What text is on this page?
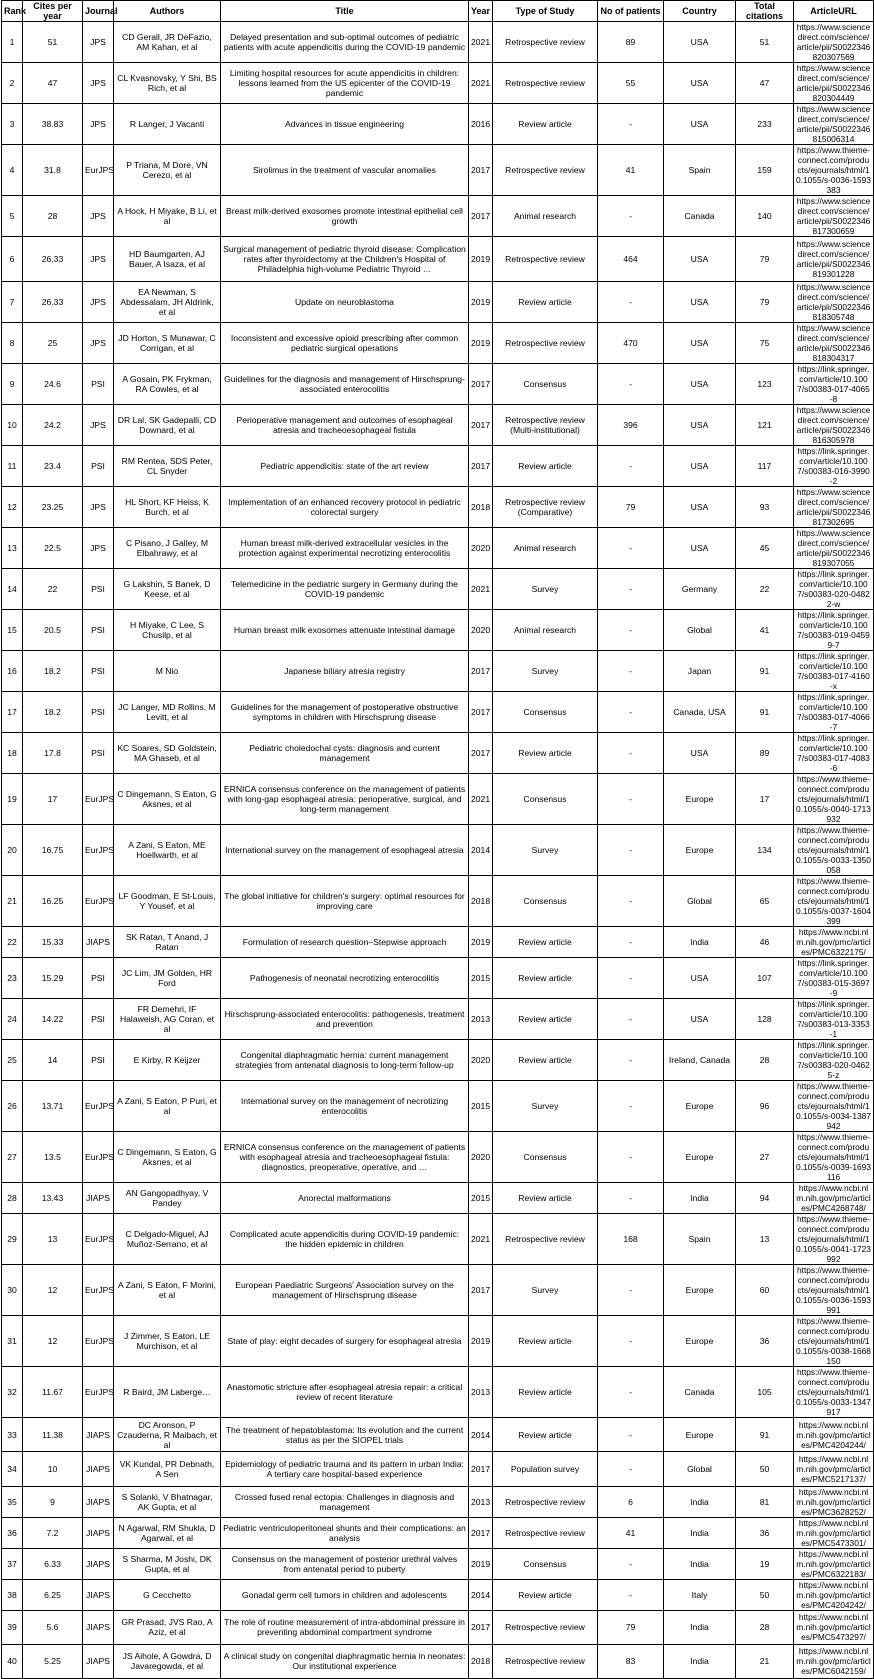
Rank	Cites per year	Journal	Authors	Title	Year	Type of Study	No of patients	Country	Total citations	ArticleURL
1	51	JPS	CD Gerall, JR DeFazio, AM Kahan, et al	Delayed presentation and sub-optimal outcomes of pediatric patients with acute appendicitis during the COVID-19 pandemic	2021	Retrospective review	89	USA	51	https://www.sciencedirect.com/science/article/pii/S0022346820307569
2	47	JPS	CL Kvasnovsky, Y Shi, BS Rich, et al	Limiting hospital resources for acute appendicitis in children: lessons learned from the US epicenter of the COVID-19 pandemic	2021	Retrospective review	55	USA	47	https://www.sciencedirect.com/science/article/pii/S0022346820304449
3	38.83	JPS	R Langer, J Vacanti	Advances in tissue engineering	2016	Review article	-	USA	233	https://www.sciencedirect.com/science/article/pii/S0022346815006314
4	31.8	EurJPS	P Triana, M Dore, VN Cerezo, et al	Sirolimus in the treatment of vascular anomalies	2017	Retrospective review	41	Spain	159	https://www.thieme-connect.com/products/ejournals/html/10.1055/s-0036-1593383
5	28	JPS	A Hock, H Miyake, B Li, et al	Breast milk-derived exosomes promote intestinal epithelial cell growth	2017	Animal research	-	Canada	140	https://www.sciencedirect.com/science/article/pii/S0022346817300659
6	26.33	JPS	HD Baumgarten, AJ Bauer, A Isaza, et al	Surgical management of pediatric thyroid disease: Complication rates after thyroidectomy at the Children's Hospital of Philadelphia high-volume Pediatric Thyroid …	2019	Retrospective review	464	USA	79	https://www.sciencedirect.com/science/article/pii/S0022346819301228
7	26.33	JPS	EA Newman, S Abdessalam, JH Aldrink, et al	Update on neuroblastoma	2019	Review article	-	USA	79	https://www.sciencedirect.com/science/article/pii/S0022346818305748
8	25	JPS	JD Horton, S Munawar, C Corrigan, et al	Inconsistent and excessive opioid prescribing after common pediatric surgical operations	2019	Retrospective review	470	USA	75	https://www.sciencedirect.com/science/article/pii/S0022346818304317
9	24.6	PSI	A Gosain, PK Frykman, RA Cowles, et al	Guidelines for the diagnosis and management of Hirschsprung-associated enterocolitis	2017	Consensus	-	USA	123	https://link.springer.com/article/10.1007/s00383-017-4065-8
10	24.2	JPS	DR Lal, SK Gadepalli, CD Downard, et al	Perioperative management and outcomes of esophageal atresia and tracheoesophageal fistula	2017	Retrospective review (Multi-institutional)	396	USA	121	https://www.sciencedirect.com/science/article/pii/S0022346816305978
11	23.4	PSI	RM Rentea, SDS Peter, CL Snyder	Pediatric appendicitis: state of the art review	2017	Review article	-	USA	117	https://link.springer.com/article/10.1007/s00383-016-3990-2
12	23.25	JPS	HL Short, KF Heiss, K Burch, et al	Implementation of an enhanced recovery protocol in pediatric colorectal surgery	2018	Retrospective review (Comparative)	79	USA	93	https://www.sciencedirect.com/science/article/pii/S0022346817302695
13	22.5	JPS	C Pisano, J Galley, M Elbahrawy, et al	Human breast milk-derived extracellular vesicles in the protection against experimental necrotizing enterocolitis	2020	Animal research	-	USA	45	https://www.sciencedirect.com/science/article/pii/S0022346819307055
14	22	PSI	G Lakshin, S Banek, D Keese, et al	Telemedicine in the pediatric surgery in Germany during the COVID-19 pandemic	2021	Survey	-	Germany	22	https://link.springer.com/article/10.1007/s00383-020-04822-w
15	20.5	PSI	H Miyake, C Lee, S Chusilp, et al	Human breast milk exosomes attenuate intestinal damage	2020	Animal research	-	Global	41	https://link.springer.com/article/10.1007/s00383-019-04599-7
16	18.2	PSI	M Nio	Japanese biliary atresia registry	2017	Survey	-	Japan	91	https://link.springer.com/article/10.1007/s00383-017-4160-x
17	18.2	PSI	JC Langer, MD Rollins, M Levitt, et al	Guidelines for the management of postoperative obstructive symptoms in children with Hirschsprung disease	2017	Consensus	-	Canada, USA	91	https://link.springer.com/article/10.1007/s00383-017-4066-7
18	17.8	PSI	KC Soares, SD Goldstein, MA Ghaseb, et al	Pediatric choledochal cysts: diagnosis and current management	2017	Review article	-	USA	89	https://link.springer.com/article/10.1007/s00383-017-4083-6
19	17	EurJPS	C Dingemann, S Eaton, G Aksnes, et al	ERNICA consensus conference on the management of patients with long-gap esophageal atresia: perioperative, surgical, and long-term management	2021	Consensus	-	Europe	17	https://www.thieme-connect.com/products/ejournals/html/10.1055/s-0040-1713932
20	16.75	EurJPS	A Zani, S Eaton, ME Hoellwarth, et al	International survey on the management of esophageal atresia	2014	Survey	-	Europe	134	https://www.thieme-connect.com/products/ejournals/html/10.1055/s-0033-1350058
21	16.25	EurJPS	LF Goodman, E St-Louis, Y Yousef, et al	The global initiative for children's surgery: optimal resources for improving care	2018	Consensus	-	Global	65	https://www.thieme-connect.com/products/ejournals/html/10.1055/s-0037-1604399
22	15.33	JIAPS	SK Ratan, T Anand, J Ratan	Formulation of research question–Stepwise approach	2019	Review article	-	India	46	https://www.ncbi.nlm.nih.gov/pmc/articles/PMC6322175/
23	15.29	PSI	JC Lim, JM Golden, HR Ford	Pathogenesis of neonatal necrotizing enterocolitis	2015	Review article	-	USA	107	https://link.springer.com/article/10.1007/s00383-015-3697-9
24	14.22	PSI	FR Demehri, IF Halaweish, AG Coran, et al	Hirschsprung-associated enterocolitis: pathogenesis, treatment and prevention	2013	Review article	-	USA	128	https://link.springer.com/article/10.1007/s00383-013-3353-1
25	14	PSI	E Kirby, R Keijzer	Congenital diaphragmatic hernia: current management strategies from antenatal diagnosis to long-term follow-up	2020	Review article	-	Ireland, Canada	28	https://link.springer.com/article/10.1007/s00383-020-04625-z
26	13.71	EurJPS	A Zani, S Eaton, P Puri, et al	International survey on the management of necrotizing enterocolitis	2015	Survey	-	Europe	96	https://www.thieme-connect.com/products/ejournals/html/10.1055/s-0034-1387942
27	13.5	EurJPS	C Dingemann, S Eaton, G Aksnes, et al	ERNICA consensus conference on the management of patients with esophageal atresia and tracheoesophageal fistula: diagnostics, preoperative, operative, and …	2020	Consensus	-	Europe	27	https://www.thieme-connect.com/products/ejournals/html/10.1055/s-0039-1693116
28	13.43	JIAPS	AN Gangopadhyay, V Pandey	Anorectal malformations	2015	Review article	-	India	94	https://www.ncbi.nlm.nih.gov/pmc/articles/PMC4268748/
29	13	EurJPS	C Delgado-Miguel, AJ Muñoz-Serrano, et al	Complicated acute appendicitis during COVID-19 pandemic: the hidden epidemic in children	2021	Retrospective review	168	Spain	13	https://www.thieme-connect.com/products/ejournals/html/10.1055/s-0041-1723992
30	12	EurJPS	A Zani, S Eaton, F Morini, et al	European Paediatric Surgeons' Association survey on the management of Hirschsprung disease	2017	Survey	-	Europe	60	https://www.thieme-connect.com/products/ejournals/html/10.1055/s-0036-1593991
31	12	EurJPS	J Zimmer, S Eaton, LE Murchison, et al	State of play: eight decades of surgery for esophageal atresia	2019	Review article	-	Europe	36	https://www.thieme-connect.com/products/ejournals/html/10.1055/s-0038-1668150
32	11.67	EurJPS	R Baird, JM Laberge…	Anastomotic stricture after esophageal atresia repair: a critical review of recent literature	2013	Review article	-	Canada	105	https://www.thieme-connect.com/products/ejournals/html/10.1055/s-0033-1347917
33	11.38	JIAPS	DC Aronson, P Czauderna, R Maibach, et al	The treatment of hepatoblastoma: Its evolution and the current status as per the SIOPEL trials	2014	Review article	-	Europe	91	https://www.ncbi.nlm.nih.gov/pmc/articles/PMC4204244/
34	10	JIAPS	VK Kundal, PR Debnath, A Sen	Epidemiology of pediatric trauma and its pattern in urban India: A tertiary care hospital-based experience	2017	Population survey	-	Global	50	https://www.ncbi.nlm.nih.gov/pmc/articles/PMC5217137/
35	9	JIAPS	S Solanki, V Bhatnagar, AK Gupta, et al	Crossed fused renal ectopia: Challenges in diagnosis and management	2013	Retrospective review	6	India	81	https://www.ncbi.nlm.nih.gov/pmc/articles/PMC3628252/
36	7.2	JIAPS	N Agarwal, RM Shukla, D Agarwal, et al	Pediatric ventriculoperitoneal shunts and their complications: an analysis	2017	Retrospective review	41	India	36	https://www.ncbi.nlm.nih.gov/pmc/articles/PMC5473301/
37	6.33	JIAPS	S Sharma, M Joshi, DK Gupta, et al	Consensus on the management of posterior urethral valves from antenatal period to puberty	2019	Consensus	-	India	19	https://www.ncbi.nlm.nih.gov/pmc/articles/PMC6322183/
38	6.25	JIAPS	G Cecchetto	Gonadal germ cell tumors in children and adolescents	2014	Review article	-	Italy	50	https://www.ncbi.nlm.nih.gov/pmc/articles/PMC4204242/
39	5.6	JIAPS	GR Prasad, JVS Rao, A Aziz, et al	The role of routine measurement of intra-abdominal pressure in preventing abdominal compartment syndrome	2017	Retrospective review	79	India	28	https://www.ncbi.nlm.nih.gov/pmc/articles/PMC5473297/
40	5.25	JIAPS	JS Aihole, A Gowdra, D Javaregowda, et al	A clinical study on congenital diaphragmatic hernia in neonates: Our institutional experience	2018	Retrospective review	83	India	21	https://www.ncbi.nlm.nih.gov/pmc/articles/PMC6042159/
